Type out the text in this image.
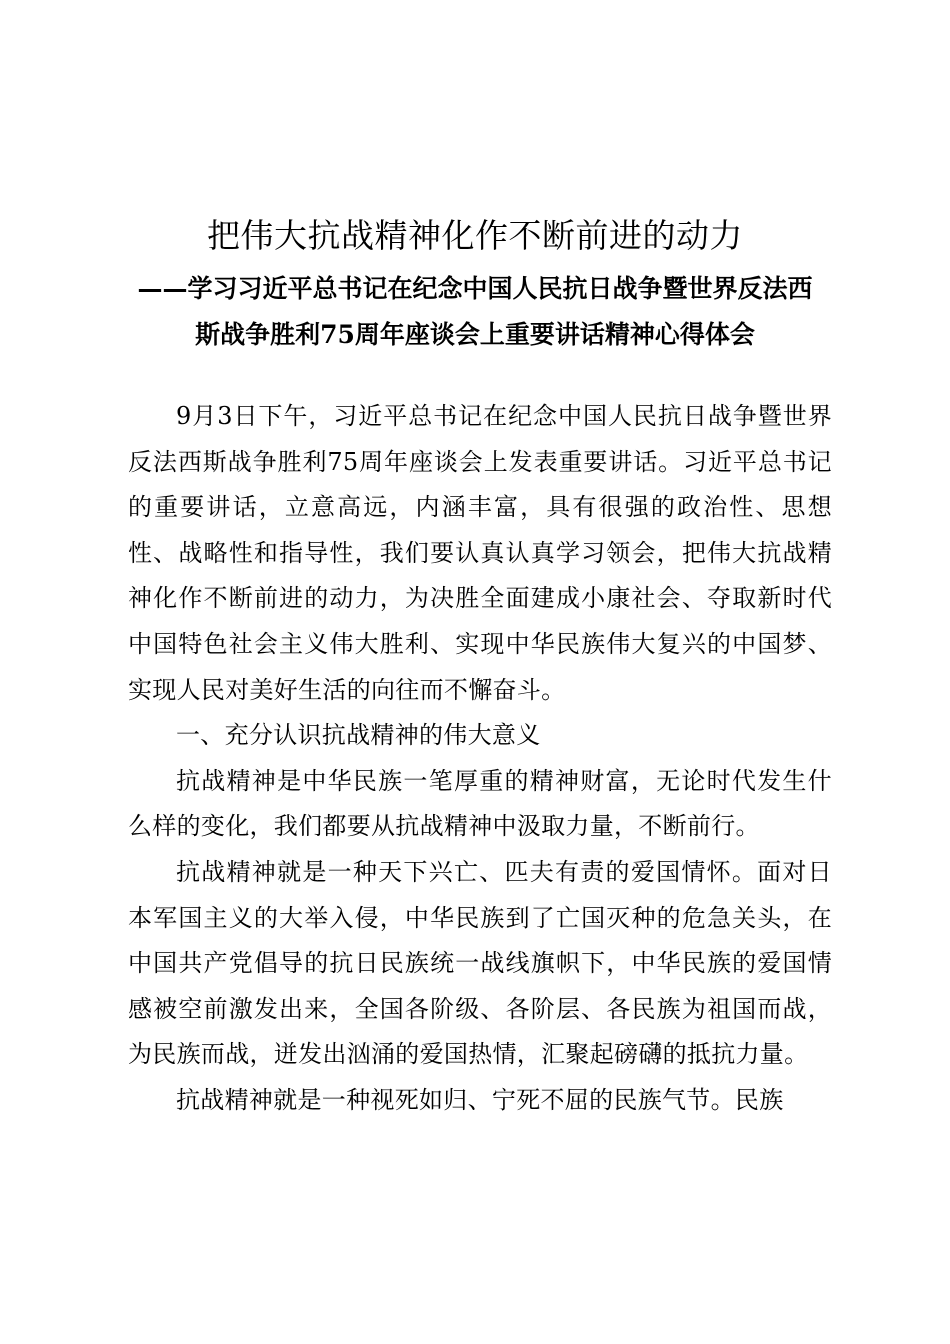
把伟大抗战精神化作不断前进的动力
——学习习近平总书记在纪念中国人民抗日战争暨世界反法西
斯战争胜利75周年座谈会上重要讲话精神心得体会

9月3日下午，习近平总书记在纪念中国人民抗日战争暨世界反法西斯战争胜利75周年座谈会上发表重要讲话。习近平总书记的重要讲话，立意高远，内涵丰富，具有很强的政治性、思想性、战略性和指导性，我们要认真认真学习领会，把伟大抗战精神化作不断前进的动力，为决胜全面建成小康社会、夺取新时代中国特色社会主义伟大胜利、实现中华民族伟大复兴的中国梦、实现人民对美好生活的向往而不懈奋斗。

一、充分认识抗战精神的伟大意义

抗战精神是中华民族一笔厚重的精神财富，无论时代发生什么样的变化，我们都要从抗战精神中汲取力量，不断前行。

抗战精神就是一种天下兴亡、匹夫有责的爱国情怀。面对日本军国主义的大举入侵，中华民族到了亡国灭种的危急关头，在中国共产党倡导的抗日民族统一战线旗帜下，中华民族的爱国情感被空前激发出来，全国各阶级、各阶层、各民族为祖国而战，为民族而战，迸发出汹涌的爱国热情，汇聚起磅礴的抵抗力量。

抗战精神就是一种视死如归、宁死不屈的民族气节。民族
